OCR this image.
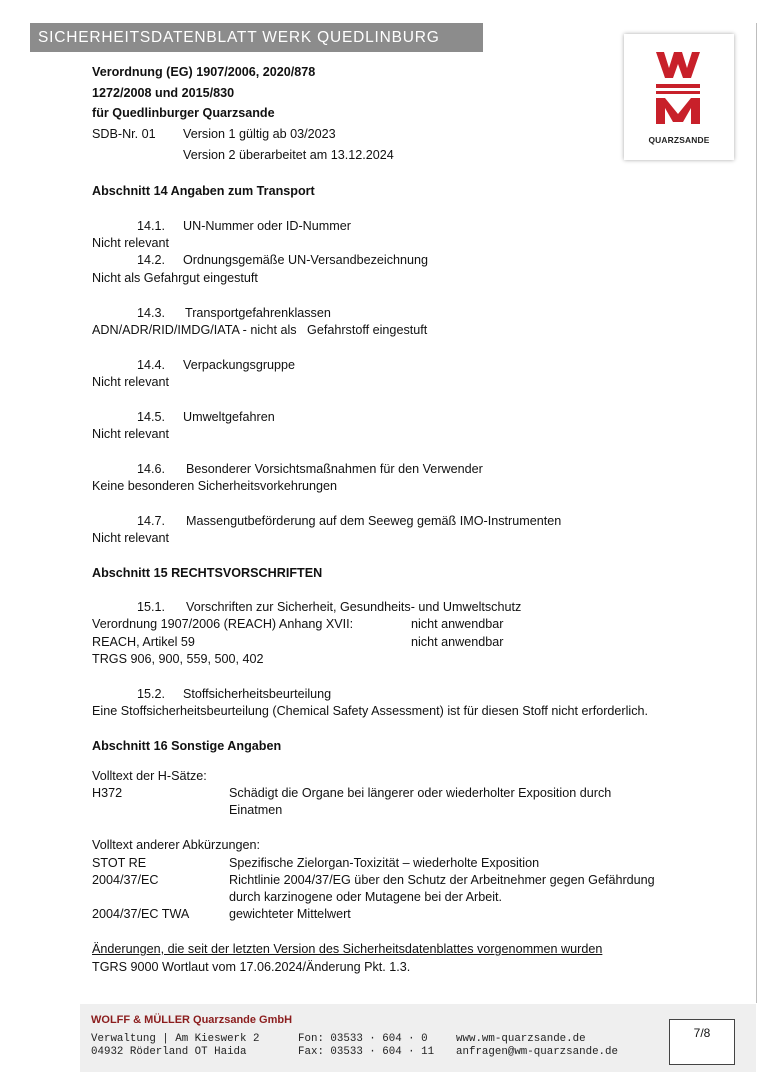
SICHERHEITSDATENBLATT WERK QUEDLINBURG
QUARZSANDE
Verordnung (EG) 1907/2006, 2020/878
1272/2008 und 2015/830
für Quedlinburger Quarzsande
SDB-Nr. 01 Version 1 gültig ab 03/2023
Version 2 überarbeitet am 13.12.2024
Abschnitt 14 Angaben zum Transport
14.1. UN-Nummer oder ID-Nummer
Nicht relevant
14.2. Ordnungsgemäße UN-Versandbezeichnung
Nicht als Gefahrgut eingestuft
14.3. Transportgefahrenklassen
ADN/ADR/RID/IMDG/IATA - nicht als   Gefahrstoff eingestuft
14.4. Verpackungsgruppe
Nicht relevant
14.5. Umweltgefahren
Nicht relevant
14.6. Besonderer Vorsichtsmaßnahmen für den Verwender
Keine besonderen Sicherheitsvorkehrungen
14.7. Massengutbeförderung auf dem Seeweg gemäß IMO-Instrumenten
Nicht relevant
Abschnitt 15 RECHTSVORSCHRIFTEN
15.1. Vorschriften zur Sicherheit, Gesundheits- und Umweltschutz
Verordnung 1907/2006 (REACH) Anhang XVII:	nicht anwendbar
REACH, Artikel 59	nicht anwendbar
TRGS 906, 900, 559, 500, 402
15.2. Stoffsicherheitsbeurteilung
Eine Stoffsicherheitsbeurteilung (Chemical Safety Assessment) ist für diesen Stoff nicht erforderlich.
Abschnitt 16 Sonstige Angaben
Volltext der H-Sätze:
H372	Schädigt die Organe bei längerer oder wiederholter Exposition durch
Einatmen
Volltext anderer Abkürzungen:
STOT RE	Spezifische Zielorgan-Toxizität – wiederholte Exposition
2004/37/EC	Richtlinie 2004/37/EG über den Schutz der Arbeitnehmer gegen Gefährdung
durch karzinogene oder Mutagene bei der Arbeit.
2004/37/EC TWA	gewichteter Mittelwert
Änderungen, die seit der letzten Version des Sicherheitsdatenblattes vorgenommen wurden
TGRS 9000 Wortlaut vom 17.06.2024/Änderung Pkt. 1.3.
WOLFF & MÜLLER Quarzsande GmbH
Verwaltung | Am Kieswerk 2
04932 Röderland OT Haida
Fon: 03533 · 604 · 0
Fax: 03533 · 604 · 11
www.wm-quarzsande.de
anfragen@wm-quarzsande.de
7/8
